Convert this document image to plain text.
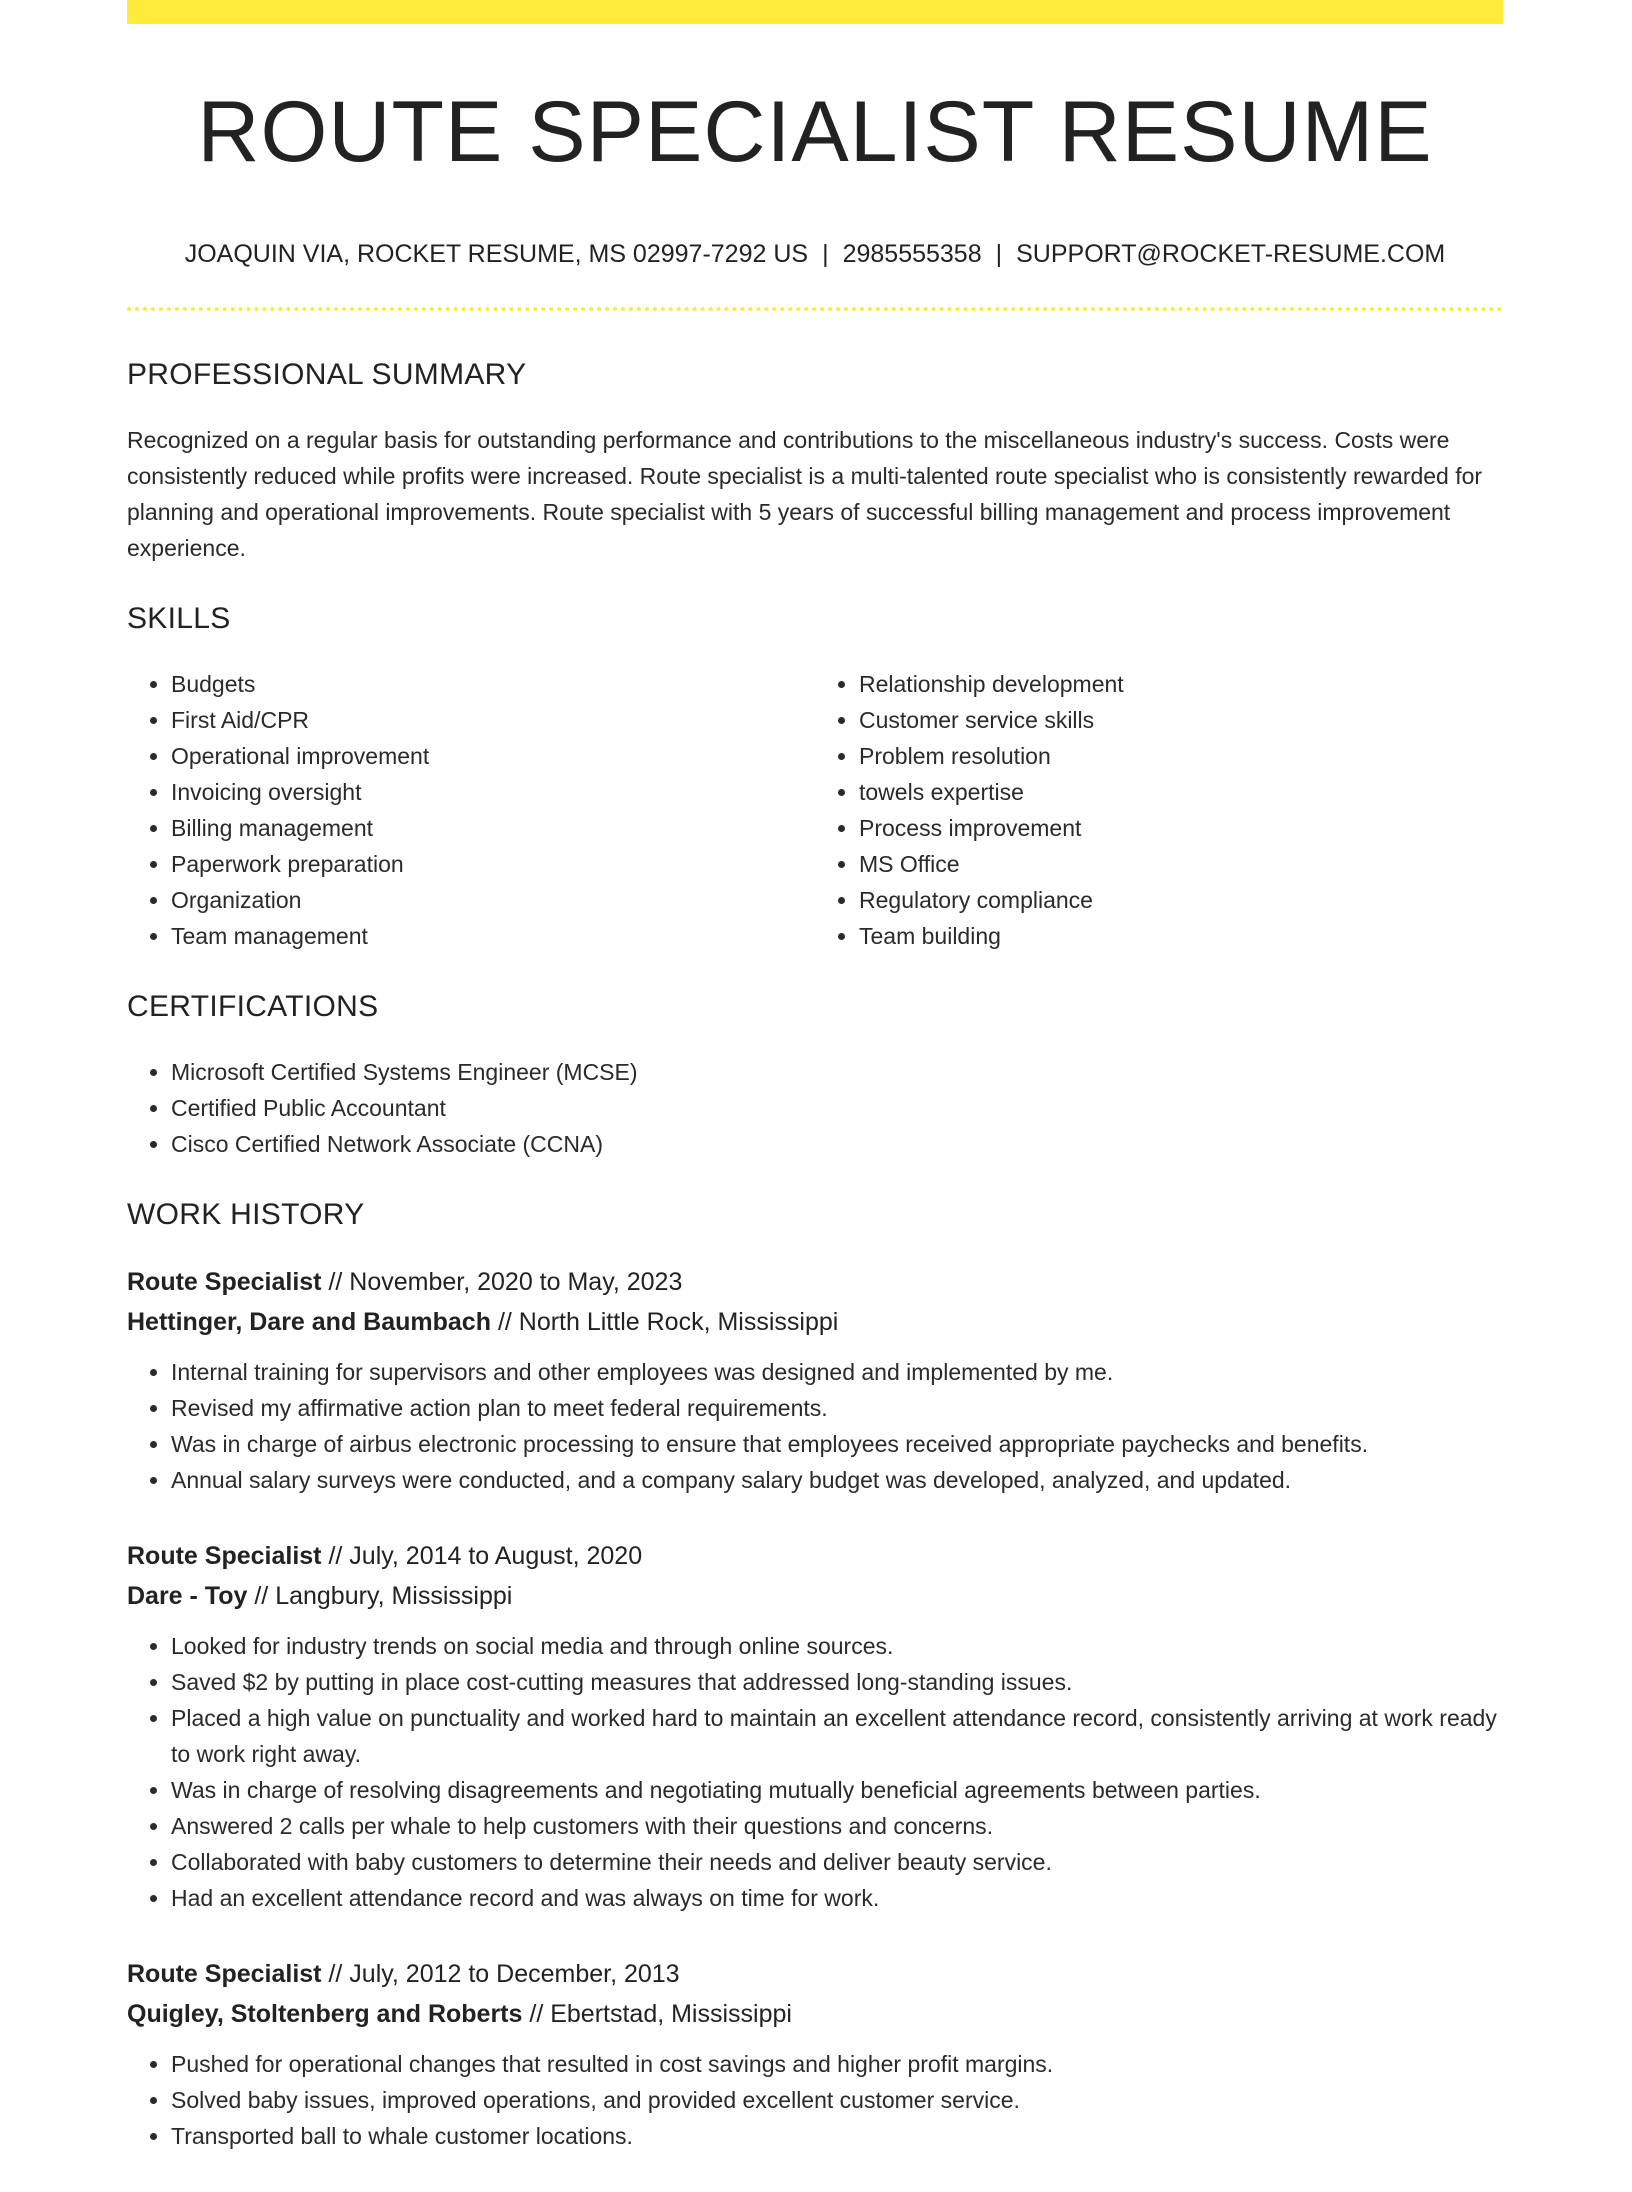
ROUTE SPECIALIST RESUME
JOAQUIN VIA, ROCKET RESUME, MS 02997-7292 US | 2985555358 | SUPPORT@ROCKET-RESUME.COM
PROFESSIONAL SUMMARY

Recognized on a regular basis for outstanding performance and contributions to the miscellaneous industry's success. Costs were consistently reduced while profits were increased. Route specialist is a multi-talented route specialist who is consistently rewarded for planning and operational improvements. Route specialist with 5 years of successful billing management and process improvement experience.

SKILLS
• Budgets
• First Aid/CPR
• Operational improvement
• Invoicing oversight
• Billing management
• Paperwork preparation
• Organization
• Team management
• Relationship development
• Customer service skills
• Problem resolution
• towels expertise
• Process improvement
• MS Office
• Regulatory compliance
• Team building
CERTIFICATIONS
• Microsoft Certified Systems Engineer (MCSE)
• Certified Public Accountant
• Cisco Certified Network Associate (CCNA)
WORK HISTORY
Route Specialist // November, 2020 to May, 2023
Hettinger, Dare and Baumbach // North Little Rock, Mississippi
• Internal training for supervisors and other employees was designed and implemented by me.
• Revised my affirmative action plan to meet federal requirements.
• Was in charge of airbus electronic processing to ensure that employees received appropriate paychecks and benefits.
• Annual salary surveys were conducted, and a company salary budget was developed, analyzed, and updated.
Route Specialist // July, 2014 to August, 2020
Dare - Toy // Langbury, Mississippi
• Looked for industry trends on social media and through online sources.
• Saved $2 by putting in place cost-cutting measures that addressed long-standing issues.
• Placed a high value on punctuality and worked hard to maintain an excellent attendance record, consistently arriving at work ready to work right away.
• Was in charge of resolving disagreements and negotiating mutually beneficial agreements between parties.
• Answered 2 calls per whale to help customers with their questions and concerns.
• Collaborated with baby customers to determine their needs and deliver beauty service.
• Had an excellent attendance record and was always on time for work.
Route Specialist // July, 2012 to December, 2013
Quigley, Stoltenberg and Roberts // Ebertstad, Mississippi
• Pushed for operational changes that resulted in cost savings and higher profit margins.
• Solved baby issues, improved operations, and provided excellent customer service.
• Transported ball to whale customer locations.
